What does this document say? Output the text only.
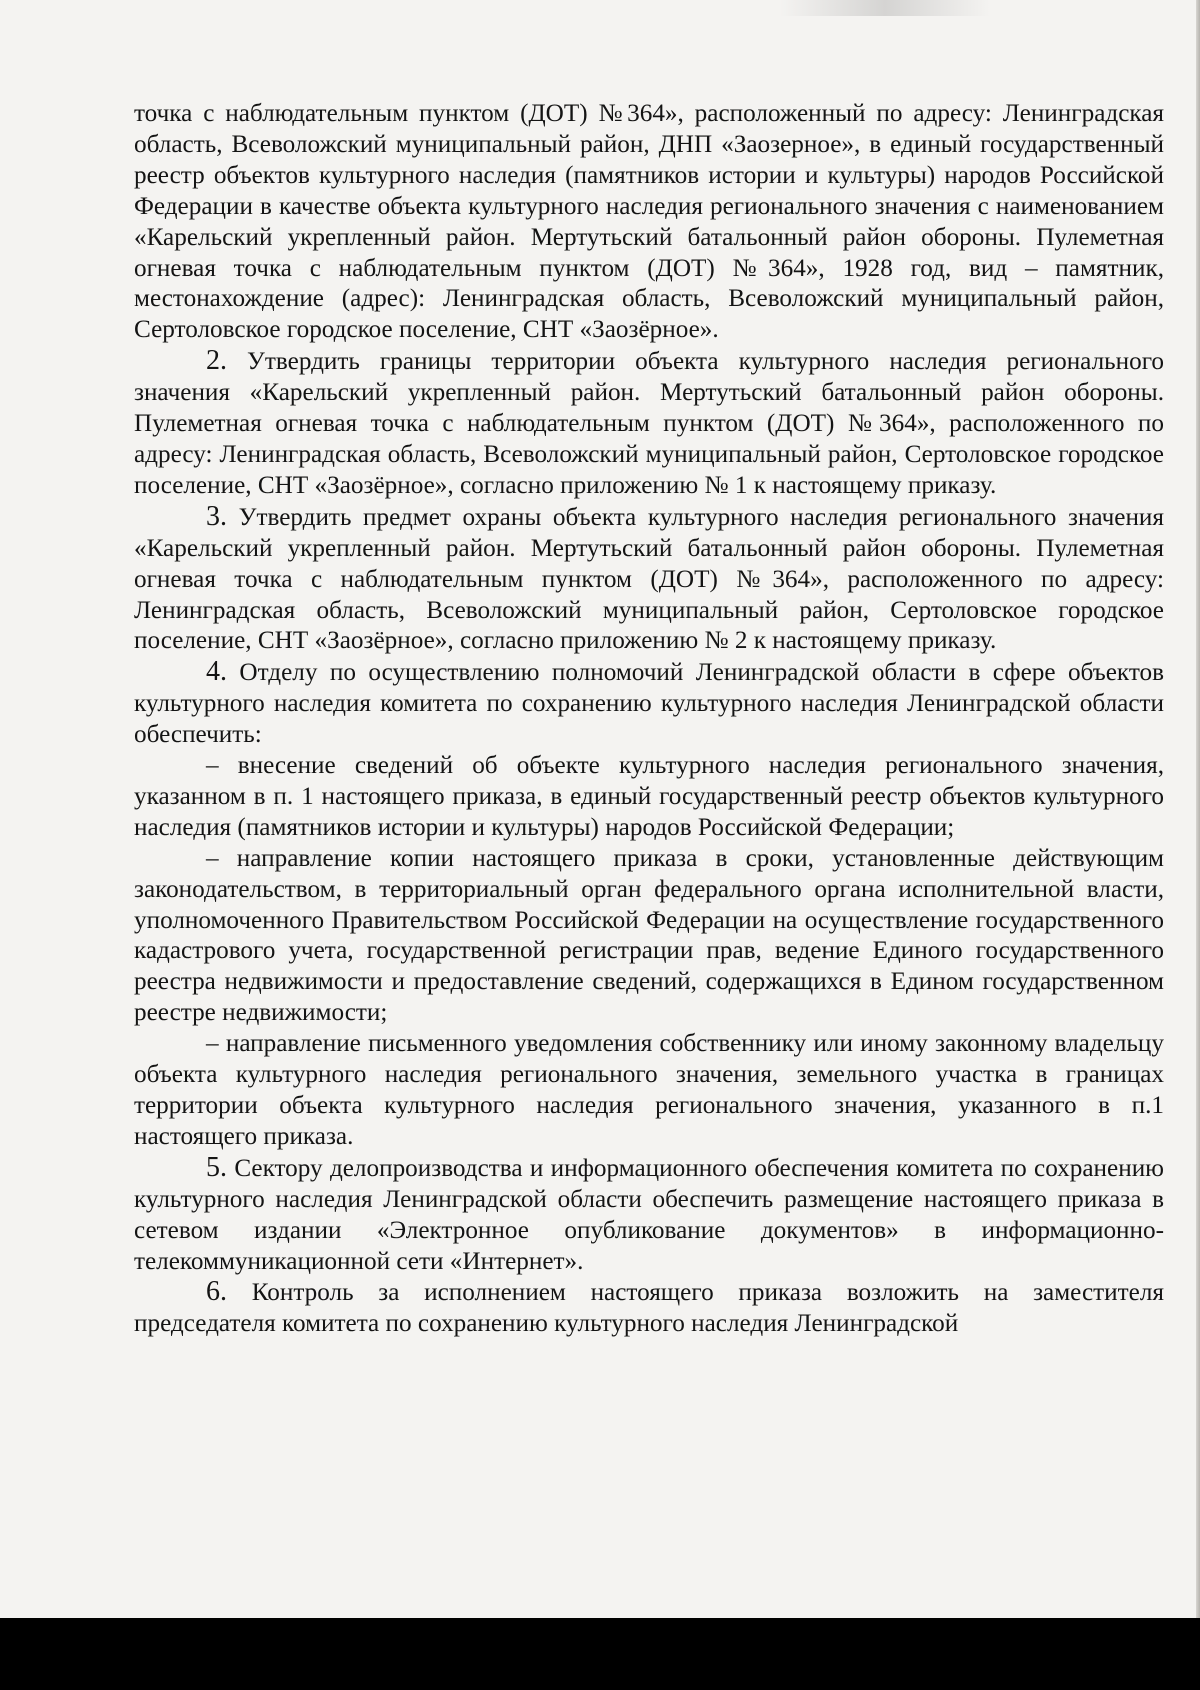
точка с наблюдательным пунктом (ДОТ) №364», расположенный по адресу: Ленинградская область, Всеволожский муниципальный район, ДНП «Заозерное», в единый государственный реестр объектов культурного наследия (памятников истории и культуры) народов Российской Федерации в качестве объекта культурного наследия регионального значения с наименованием «Карельский укрепленный район. Мертутьский батальонный район обороны. Пулеметная огневая точка с наблюдательным пунктом (ДОТ) №364», 1928 год, вид – памятник, местонахождение (адрес): Ленинградская область, Всеволожский муниципальный район, Сертоловское городское поселение, СНТ «Заозёрное».

2. Утвердить границы территории объекта культурного наследия регионального значения «Карельский укрепленный район. Мертутьский батальонный район обороны. Пулеметная огневая точка с наблюдательным пунктом (ДОТ) №364», расположенного по адресу: Ленинградская область, Всеволожский муниципальный район, Сертоловское городское поселение, СНТ «Заозёрное», согласно приложению № 1 к настоящему приказу.

3. Утвердить предмет охраны объекта культурного наследия регионального значения «Карельский укрепленный район. Мертутьский батальонный район обороны. Пулеметная огневая точка с наблюдательным пунктом (ДОТ) №364», расположенного по адресу: Ленинградская область, Всеволожский муниципальный район, Сертоловское городское поселение, СНТ «Заозёрное», согласно приложению № 2 к настоящему приказу.

4. Отделу по осуществлению полномочий Ленинградской области в сфере объектов культурного наследия комитета по сохранению культурного наследия Ленинградской области обеспечить:

– внесение сведений об объекте культурного наследия регионального значения, указанном в п. 1 настоящего приказа, в единый государственный реестр объектов культурного наследия (памятников истории и культуры) народов Российской Федерации;

– направление копии настоящего приказа в сроки, установленные действующим законодательством, в территориальный орган федерального органа исполнительной власти, уполномоченного Правительством Российской Федерации на осуществление государственного кадастрового учета, государственной регистрации прав, ведение Единого государственного реестра недвижимости и предоставление сведений, содержащихся в Едином государственном реестре недвижимости;

– направление письменного уведомления собственнику или иному законному владельцу объекта культурного наследия регионального значения, земельного участка в границах территории объекта культурного наследия регионального значения, указанного в п.1 настоящего приказа.

5. Сектору делопроизводства и информационного обеспечения комитета по сохранению культурного наследия Ленинградской области обеспечить размещение настоящего приказа в сетевом издании «Электронное опубликование документов» в информационно-телекоммуникационной сети «Интернет».

6. Контроль за исполнением настоящего приказа возложить на заместителя председателя комитета по сохранению культурного наследия Ленинградской
